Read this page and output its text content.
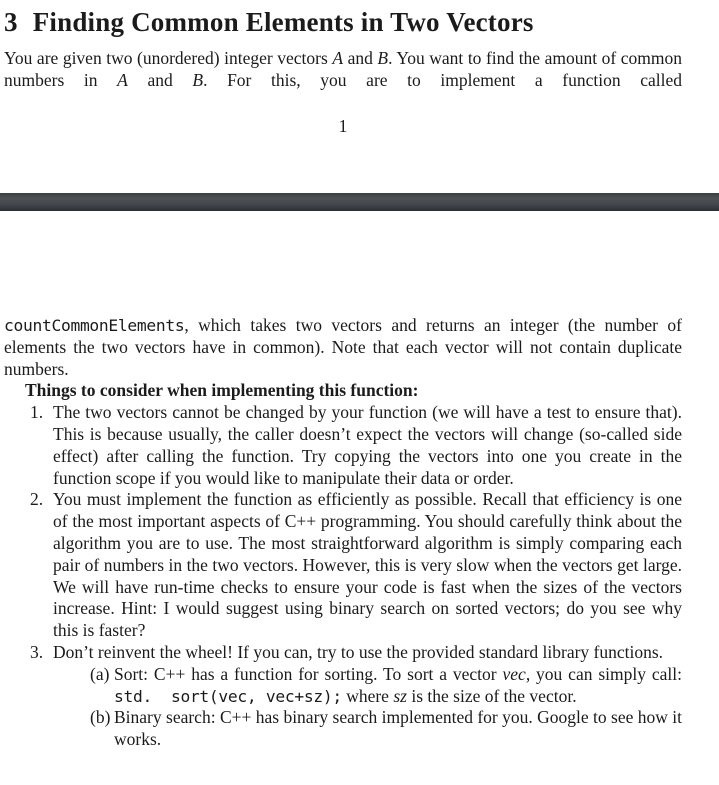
3 Finding Common Elements in Two Vectors

You are given two (unordered) integer vectors A and B. You want to find the amount of common numbers in A and B. For this, you are to implement a function called

1

countCommonElements, which takes two vectors and returns an integer (the number of elements the two vectors have in common). Note that each vector will not contain duplicate numbers.

Things to consider when implementing this function:

1. The two vectors cannot be changed by your function (we will have a test to ensure that). This is because usually, the caller doesn’t expect the vectors will change (so-called side effect) after calling the function. Try copying the vectors into one you create in the function scope if you would like to manipulate their data or order.
2. You must implement the function as efficiently as possible. Recall that efficiency is one of the most important aspects of C++ programming. You should carefully think about the algorithm you are to use. The most straightforward algorithm is simply comparing each pair of numbers in the two vectors. However, this is very slow when the vectors get large. We will have run-time checks to ensure your code is fast when the sizes of the vectors increase. Hint: I would suggest using binary search on sorted vectors; do you see why this is faster?
3. Don’t reinvent the wheel! If you can, try to use the provided standard library functions.
(a) Sort: C++ has a function for sorting. To sort a vector vec, you can simply call: std.  sort(vec, vec+sz); where sz is the size of the vector.
(b) Binary search: C++ has binary search implemented for you. Google to see how it works.
